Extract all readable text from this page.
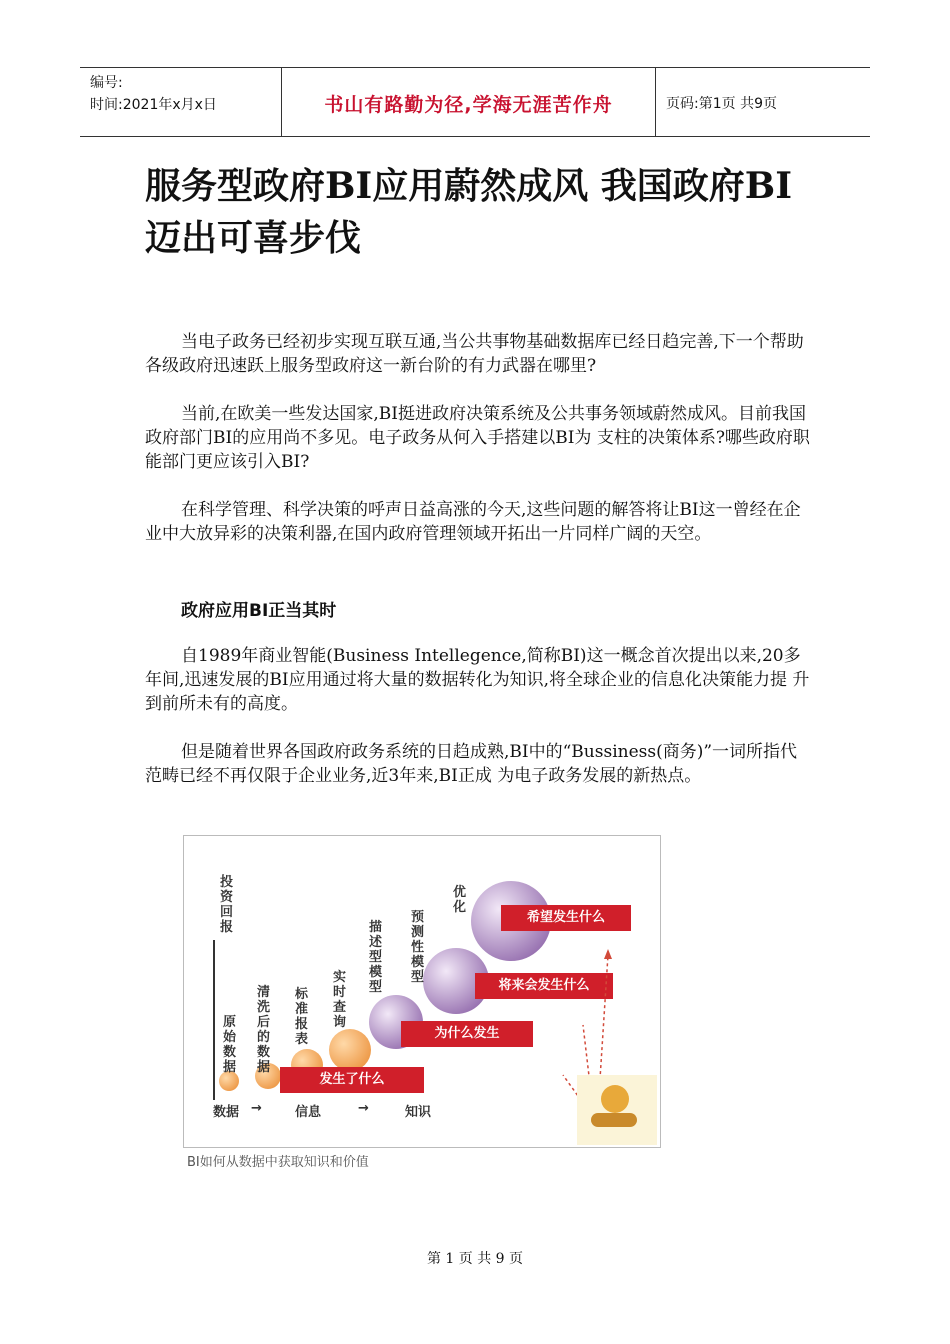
编号:
时间:2021年x月x日	书山有路勤为径,学海无涯苦作舟	页码:第1页 共9页
服务型政府BI应用蔚然成风 我国政府BI迈出可喜步伐

当电子政务已经初步实现互联互通,当公共事物基础数据库已经日趋完善,下一个帮助各级政府迅速跃上服务型政府这一新台阶的有力武器在哪里?

当前,在欧美一些发达国家,BI挺进政府决策系统及公共事务领域蔚然成风。目前我国政府部门BI的应用尚不多见。电子政务从何入手搭建以BI为 支柱的决策体系?哪些政府职能部门更应该引入BI?

在科学管理、科学决策的呼声日益高涨的今天,这些问题的解答将让BI这一曾经在企业中大放异彩的决策利器,在国内政府管理领域开拓出一片同样广阔的天空。

政府应用BI正当其时

自1989年商业智能(Business Intellegence,简称BI)这一概念首次提出以来,20多年间,迅速发展的BI应用通过将大量的数据转化为知识,将全球企业的信息化决策能力提 升到前所未有的高度。

但是随着世界各国政府政务系统的日趋成熟,BI中的“Bussiness(商务)”一词所指代范畴已经不再仅限于企业业务,近3年来,BI正成 为电子政务发展的新热点。

投资回报
原始数据
清洗后的数据
标准报表
实时查询
描述型模型
预测性模型
优化
发生了什么
为什么发生
将来会发生什么
希望发生什么
数据 →	信息	→	知识
BI如何从数据中获取知识和价值
第 1 页 共 9 页
